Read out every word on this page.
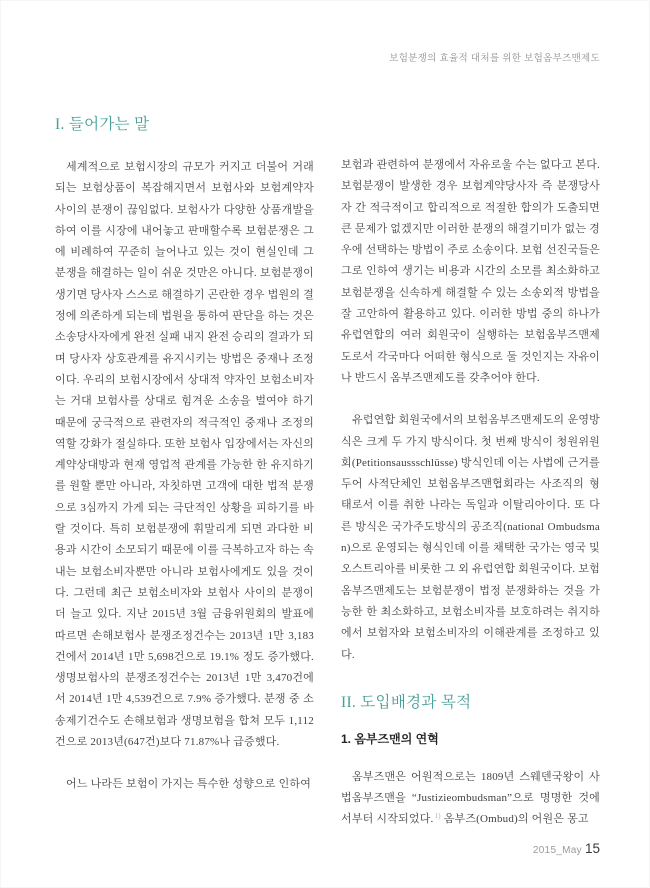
보험분쟁의 효율적 대처를 위한 보험옴부즈맨제도
I. 들어가는 말

세계적으로 보험시장의 규모가 커지고 더불어 거래되는 보험상품이 복잡해지면서 보험사와 보험계약자 사이의 분쟁이 끊임없다. 보험사가 다양한 상품개발을 하여 이를 시장에 내어놓고 판매할수록 보험분쟁은 그에 비례하여 꾸준히 늘어나고 있는 것이 현실인데 그 분쟁을 해결하는 일이 쉬운 것만은 아니다. 보험분쟁이 생기면 당사자 스스로 해결하기 곤란한 경우 법원의 결정에 의존하게 되는데 법원을 통하여 판단을 하는 것은 소송당사자에게 완전 실패 내지 완전 승리의 결과가 되며 당사자 상호관계를 유지시키는 방법은 중재나 조정이다. 우리의 보험시장에서 상대적 약자인 보험소비자는 거대 보험사를 상대로 힘겨운 소송을 벌여야 하기 때문에 궁극적으로 관련자의 적극적인 중재나 조정의 역할 강화가 절실하다. 또한 보험사 입장에서는 자신의 계약상대방과 현재 영업적 관계를 가능한 한 유지하기를 원할 뿐만 아니라, 자칫하면 고객에 대한 법적 분쟁으로 3심까지 가게 되는 극단적인 상황을 피하기를 바랄 것이다. 특히 보험분쟁에 휘말리게 되면 과다한 비용과 시간이 소모되기 때문에 이를 극복하고자 하는 속내는 보험소비자뿐만 아니라 보험사에게도 있을 것이다. 그런데 최근 보험소비자와 보험사 사이의 분쟁이 더 늘고 있다. 지난 2015년 3월 금융위원회의 발표에 따르면 손해보험사 분쟁조정건수는 2013년 1만 3,183건에서 2014년 1만 5,698건으로 19.1% 정도 증가했다. 생명보험사의 분쟁조정건수는 2013년 1만 3,470건에서 2014년 1만 4,539건으로 7.9% 증가했다. 분쟁 중 소송제기건수도 손해보험과 생명보험을 합쳐 모두 1,112건으로 2013년(647건)보다 71.87%나 급증했다.

어느 나라든 보험이 가지는 특수한 성향으로 인하여

보험과 관련하여 분쟁에서 자유로울 수는 없다고 본다. 보험분쟁이 발생한 경우 보험계약당사자 즉 분쟁당사자 간 적극적이고 합리적으로 적절한 합의가 도출되면 큰 문제가 없겠지만 이러한 분쟁의 해결기미가 없는 경우에 선택하는 방법이 주로 소송이다. 보험 선진국들은 그로 인하여 생기는 비용과 시간의 소모를 최소화하고 보험분쟁을 신속하게 해결할 수 있는 소송외적 방법을 잘 고안하여 활용하고 있다. 이러한 방법 중의 하나가 유럽연합의 여러 회원국이 실행하는 보험옴부즈맨제도로서 각국마다 어떠한 형식으로 둘 것인지는 자유이나 반드시 옴부즈맨제도를 갖추어야 한다.

유럽연합 회원국에서의 보험옴부즈맨제도의 운영방식은 크게 두 가지 방식이다. 첫 번째 방식이 청원위원회(Petitionsaussschlüsse) 방식인데 이는 사법에 근거를 두어 사적단체인 보험옴부즈맨협회라는 사조직의 형태로서 이를 취한 나라는 독일과 이탈리아이다. 또 다른 방식은 국가주도방식의 공조직(national Ombudsman)으로 운영되는 형식인데 이를 채택한 국가는 영국 및 오스트리아를 비롯한 그 외 유럽연합 회원국이다. 보험옴부즈맨제도는 보험분쟁이 법정 분쟁화하는 것을 가능한 한 최소화하고, 보험소비자를 보호하려는 취지하에서 보험자와 보험소비자의 이해관계를 조정하고 있다.

II. 도입배경과 목적
1. 옴부즈맨의 연혁

옴부즈맨은 어원적으로는 1809년 스웨덴국왕이 사법옴부즈맨을 “Justizieombudsman”으로 명명한 것에서부터 시작되었다.$^{1)}$ 옴부즈(Ombud)의 어원은 몽고

2015_May 15
